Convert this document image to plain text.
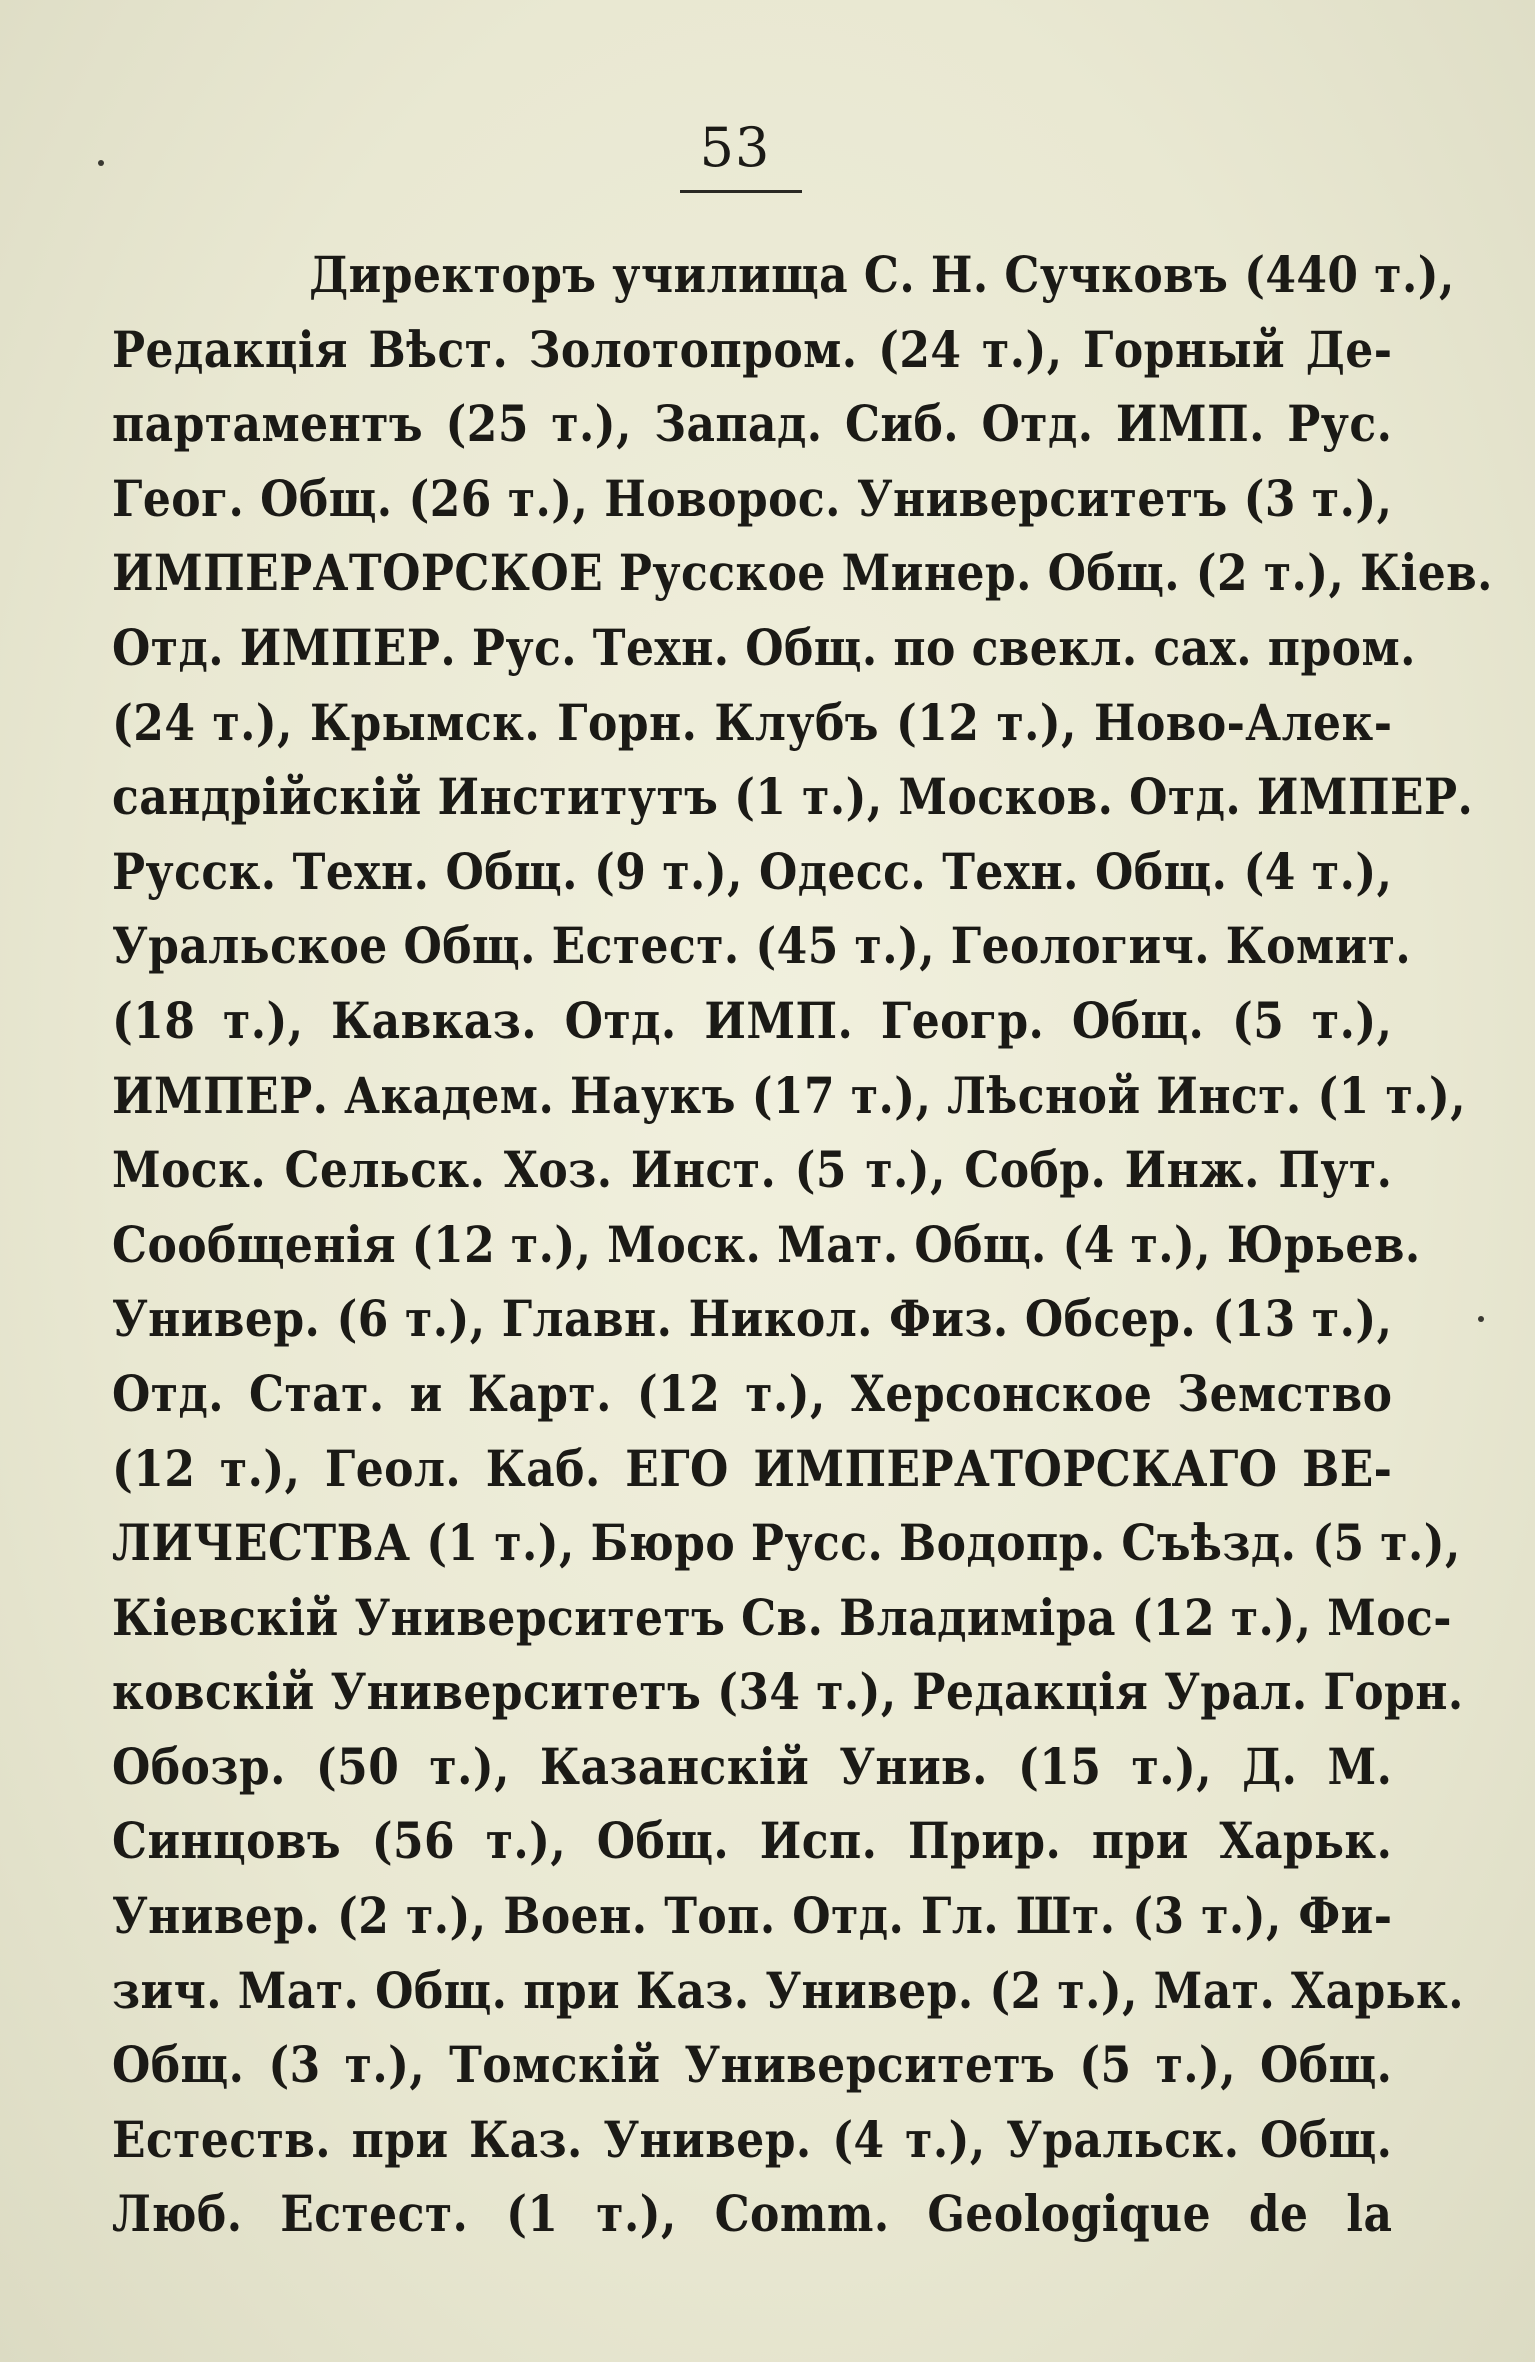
53
Директоръ училища С. Н. Сучковъ (440 т.),
Редакція Вѣст. Золотопром. (24 т.), Горный Де-
партаментъ (25 т.), Запад. Сиб. Отд. ИМП. Рус.
Геог. Общ. (26 т.), Новорос. Университетъ (3 т.),
ИМПЕРАТОРСКОЕ Русское Минер. Общ. (2 т.), Кiев.
Отд. ИМПЕР. Рус. Техн. Общ. по свекл. сах. пром.
(24 т.), Крымск. Горн. Клубъ (12 т.), Ново-Алек-
сандрiйскiй Институтъ (1 т.), Москов. Отд. ИМПЕР.
Русск. Техн. Общ. (9 т.), Одесс. Техн. Общ. (4 т.),
Уральское Общ. Естест. (45 т.), Геологич. Комит.
(18 т.), Кавказ. Отд. ИМП. Геогр. Общ. (5 т.),
ИМПЕР. Академ. Наукъ (17 т.), Лѣсной Инст. (1 т.),
Моск. Сельск. Хоз. Инст. (5 т.), Собр. Инж. Пут.
Сообщенiя (12 т.), Моск. Мат. Общ. (4 т.), Юрьев.
Универ. (6 т.), Главн. Никол. Физ. Обсер. (13 т.),
Отд. Стат. и Карт. (12 т.), Херсонское Земство
(12 т.), Геол. Каб. ЕГО ИМПЕРАТОРСКАГО ВЕ-
ЛИЧЕСТВА (1 т.), Бюро Русс. Водопр. Съѣзд. (5 т.),
Кiевскiй Университетъ Св. Владимiра (12 т.), Мос-
ковскiй Университетъ (34 т.), Редакцiя Урал. Горн.
Обозр. (50 т.), Казанскiй Унив. (15 т.), Д. М.
Синцовъ (56 т.), Общ. Исп. Прир. при Харьк.
Универ. (2 т.), Воен. Топ. Отд. Гл. Шт. (3 т.), Фи-
зич. Мат. Общ. при Каз. Универ. (2 т.), Мат. Харьк.
Общ. (3 т.), Томскiй Университетъ (5 т.), Общ.
Естеств. при Каз. Универ. (4 т.), Уральск. Общ.
Люб. Естест. (1 т.), Comm. Geologique de la
